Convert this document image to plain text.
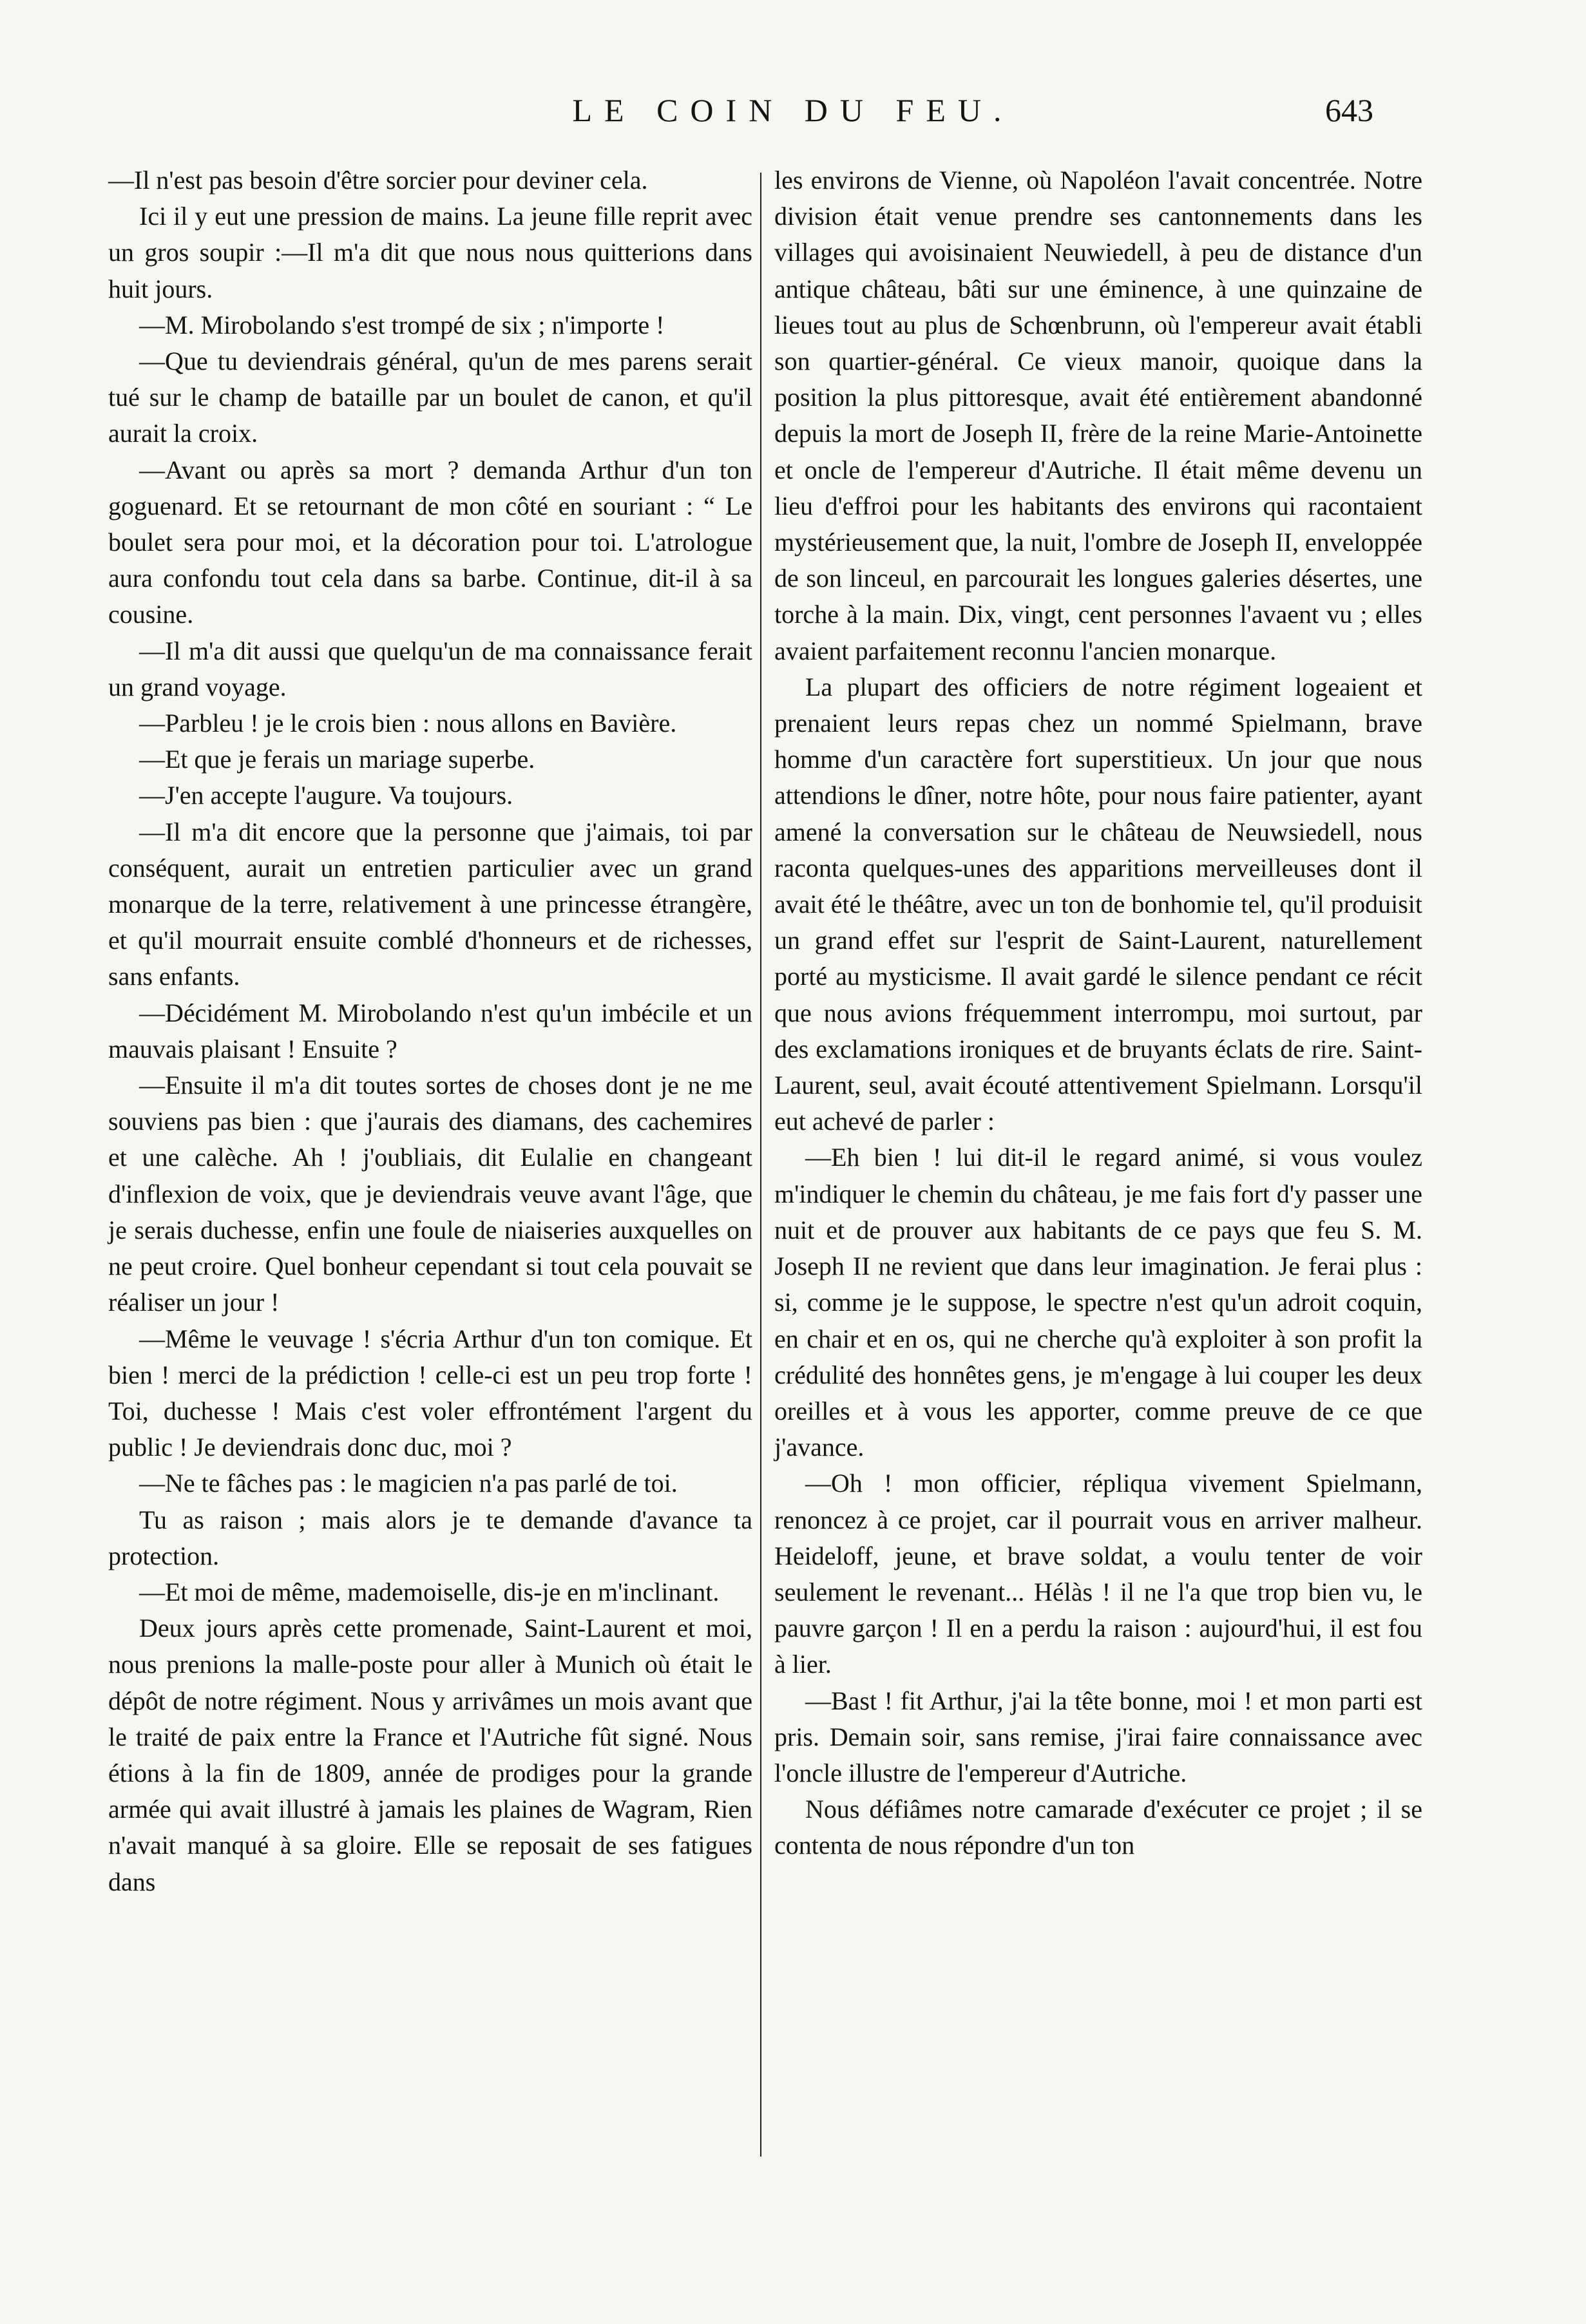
LE COIN DU FEU.	643

—Il n'est pas besoin d'être sorcier pour deviner cela.

Ici il y eut une pression de mains. La jeune fille reprit avec un gros soupir :—Il m'a dit que nous nous quitterions dans huit jours.

—M. Mirobolando s'est trompé de six ; n'importe !

—Que tu deviendrais général, qu'un de mes parens serait tué sur le champ de bataille par un boulet de canon, et qu'il aurait la croix.

—Avant ou après sa mort ? demanda Arthur d'un ton goguenard. Et se retournant de mon côté en souriant : “ Le boulet sera pour moi, et la décoration pour toi. L'atrologue aura confondu tout cela dans sa barbe. Continue, dit-il à sa cousine.

—Il m'a dit aussi que quelqu'un de ma connaissance ferait un grand voyage.

—Parbleu ! je le crois bien : nous allons en Bavière.

—Et que je ferais un mariage superbe.

—J'en accepte l'augure. Va toujours.

—Il m'a dit encore que la personne que j'aimais, toi par conséquent, aurait un entretien particulier avec un grand monarque de la terre, relativement à une princesse étrangère, et qu'il mourrait ensuite comblé d'honneurs et de richesses, sans enfants.

—Décidément M. Mirobolando n'est qu'un imbécile et un mauvais plaisant ! Ensuite ?

—Ensuite il m'a dit toutes sortes de choses dont je ne me souviens pas bien : que j'aurais des diamans, des cachemires et une calèche. Ah ! j'oubliais, dit Eulalie en changeant d'inflexion de voix, que je deviendrais veuve avant l'âge, que je serais duchesse, enfin une foule de niaiseries auxquelles on ne peut croire. Quel bonheur cependant si tout cela pouvait se réaliser un jour !

—Même le veuvage ! s'écria Arthur d'un ton comique. Et bien ! merci de la prédiction ! celle-ci est un peu trop forte ! Toi, duchesse ! Mais c'est voler effrontément l'argent du public ! Je deviendrais donc duc, moi ?

—Ne te fâches pas : le magicien n'a pas parlé de toi.

Tu as raison ; mais alors je te demande d'avance ta protection.

—Et moi de même, mademoiselle, dis-je en m'inclinant.

Deux jours après cette promenade, Saint-Laurent et moi, nous prenions la malle-poste pour aller à Munich où était le dépôt de notre régiment. Nous y arrivâmes un mois avant que le traité de paix entre la France et l'Autriche fût signé. Nous étions à la fin de 1809, année de prodiges pour la grande armée qui avait illustré à jamais les plaines de Wagram, Rien n'avait manqué à sa gloire. Elle se reposait de ses fatigues dans

les environs de Vienne, où Napoléon l'avait concentrée. Notre division était venue prendre ses cantonnements dans les villages qui avoisinaient Neuwiedell, à peu de distance d'un antique château, bâti sur une éminence, à une quinzaine de lieues tout au plus de Schœnbrunn, où l'empereur avait établi son quartier-général. Ce vieux manoir, quoique dans la position la plus pittoresque, avait été entièrement abandonné depuis la mort de Joseph II, frère de la reine Marie-Antoinette et oncle de l'empereur d'Autriche. Il était même devenu un lieu d'effroi pour les habitants des environs qui racontaient mystérieusement que, la nuit, l'ombre de Joseph II, enveloppée de son linceul, en parcourait les longues galeries désertes, une torche à la main. Dix, vingt, cent personnes l'avaent vu ; elles avaient parfaitement reconnu l'ancien monarque.

La plupart des officiers de notre régiment logeaient et prenaient leurs repas chez un nommé Spielmann, brave homme d'un caractère fort superstitieux. Un jour que nous attendions le dîner, notre hôte, pour nous faire patienter, ayant amené la conversation sur le château de Neuwsiedell, nous raconta quelques-unes des apparitions merveilleuses dont il avait été le théâtre, avec un ton de bonhomie tel, qu'il produisit un grand effet sur l'esprit de Saint-Laurent, naturellement porté au mysticisme. Il avait gardé le silence pendant ce récit que nous avions fréquemment interrompu, moi surtout, par des exclamations ironiques et de bruyants éclats de rire. Saint-Laurent, seul, avait écouté attentivement Spielmann. Lorsqu'il eut achevé de parler :

—Eh bien ! lui dit-il le regard animé, si vous voulez m'indiquer le chemin du château, je me fais fort d'y passer une nuit et de prouver aux habitants de ce pays que feu S. M. Joseph II ne revient que dans leur imagination. Je ferai plus : si, comme je le suppose, le spectre n'est qu'un adroit coquin, en chair et en os, qui ne cherche qu'à exploiter à son profit la crédulité des honnêtes gens, je m'engage à lui couper les deux oreilles et à vous les apporter, comme preuve de ce que j'avance.

—Oh ! mon officier, répliqua vivement Spielmann, renoncez à ce projet, car il pourrait vous en arriver malheur. Heideloff, jeune, et brave soldat, a voulu tenter de voir seulement le revenant... Hélàs ! il ne l'a que trop bien vu, le pauvre garçon ! Il en a perdu la raison : aujourd'hui, il est fou à lier.

—Bast ! fit Arthur, j'ai la tête bonne, moi ! et mon parti est pris. Demain soir, sans remise, j'irai faire connaissance avec l'oncle illustre de l'empereur d'Autriche.

Nous défiâmes notre camarade d'exécuter ce projet ; il se contenta de nous répondre d'un ton
